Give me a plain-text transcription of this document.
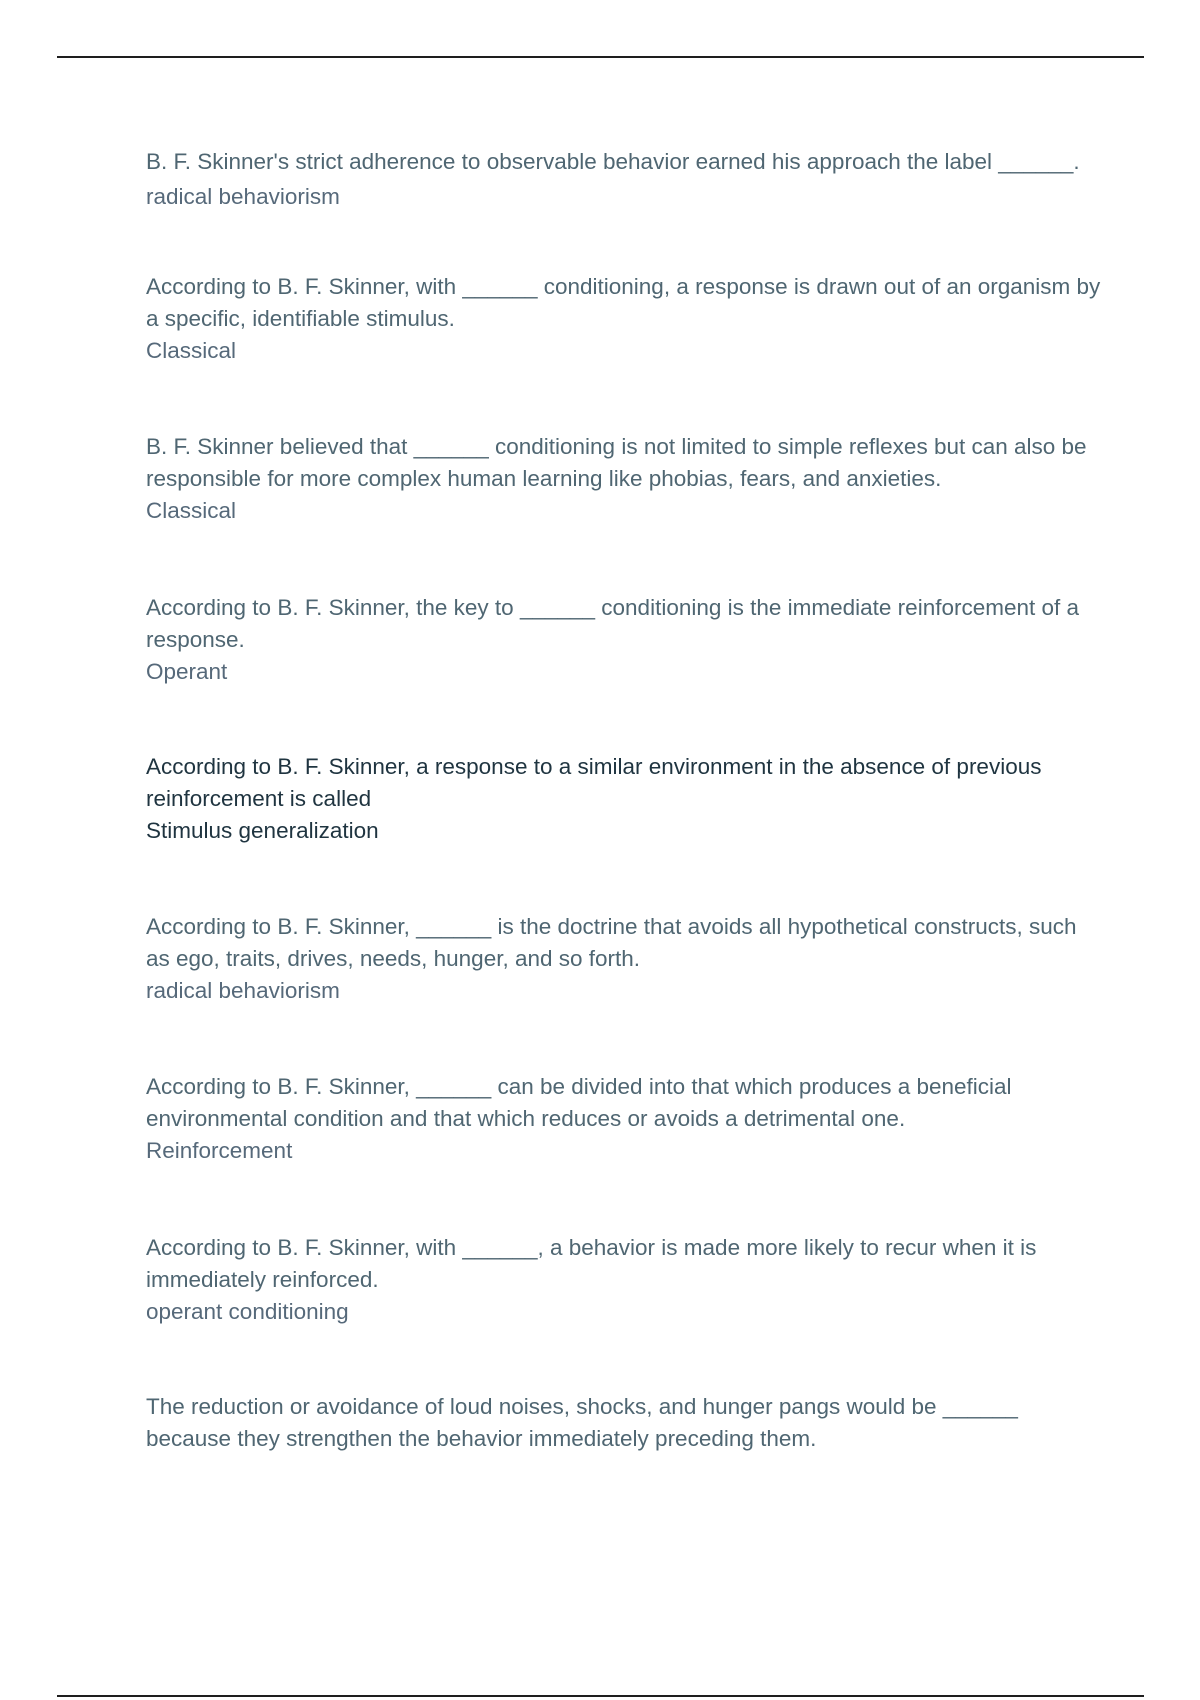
B. F. Skinner's strict adherence to observable behavior earned his approach the label ______.
radical behaviorism
According to B. F. Skinner, with ______ conditioning, a response is drawn out of an organism by a specific, identifiable stimulus.
Classical
B. F. Skinner believed that ______ conditioning is not limited to simple reflexes but can also be responsible for more complex human learning like phobias, fears, and anxieties.
Classical
According to B. F. Skinner, the key to ______ conditioning is the immediate reinforcement of a response.
Operant
According to B. F. Skinner, a response to a similar environment in the absence of previous reinforcement is called
Stimulus generalization
According to B. F. Skinner, ______ is the doctrine that avoids all hypothetical constructs, such as ego, traits, drives, needs, hunger, and so forth.
radical behaviorism
According to B. F. Skinner, ______ can be divided into that which produces a beneficial environmental condition and that which reduces or avoids a detrimental one.
Reinforcement
According to B. F. Skinner, with ______, a behavior is made more likely to recur when it is immediately reinforced.
operant conditioning
The reduction or avoidance of loud noises, shocks, and hunger pangs would be ______ because they strengthen the behavior immediately preceding them.
